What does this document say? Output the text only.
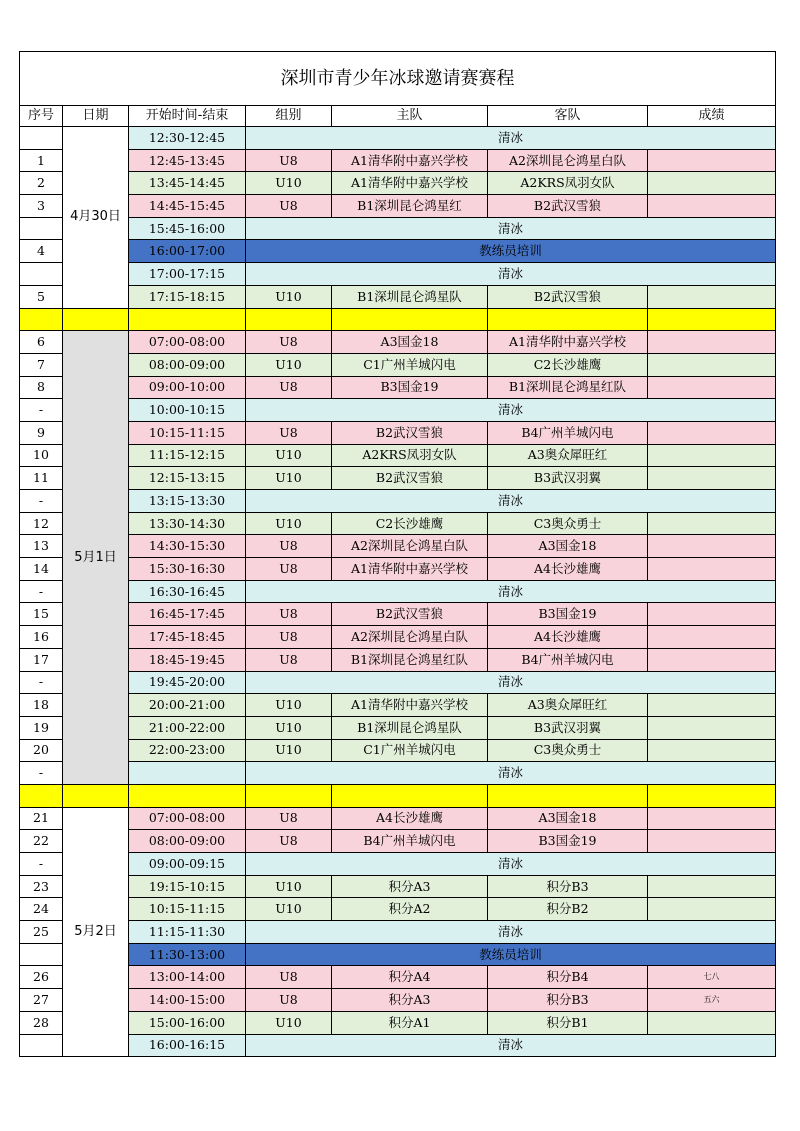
深圳市青少年冰球邀请赛赛程						
序号	日期	开始时间-结束	组别	主队	客队	成绩
	4月30日	12:30-12:45	清冰			
1		12:45-13:45	U8	A1清华附中嘉兴学校	A2深圳昆仑鸿星白队	
2		13:45-14:45	U10	A1清华附中嘉兴学校	A2KRS凤羽女队	
3		14:45-15:45	U8	B1深圳昆仑鸿星红	B2武汉雪狼	
		15:45-16:00	清冰			
4		16:00-17:00	教练员培训			
		17:00-17:15	清冰			
5		17:15-18:15	U10	B1深圳昆仑鸿星队	B2武汉雪狼	

6	5月1日	07:00-08:00	U8	A3国金18	A1清华附中嘉兴学校	
7		08:00-09:00	U10	C1广州羊城闪电	C2长沙雄鹰	
8		09:00-10:00	U8	B3国金19	B1深圳昆仑鸿星红队	
-		10:00-10:15	清冰			
9		10:15-11:15	U8	B2武汉雪狼	B4广州羊城闪电	
10		11:15-12:15	U10	A2KRS凤羽女队	A3奥众犀旺红	
11		12:15-13:15	U10	B2武汉雪狼	B3武汉羽翼	
-		13:15-13:30	清冰			
12		13:30-14:30	U10	C2长沙雄鹰	C3奥众勇士	
13		14:30-15:30	U8	A2深圳昆仑鸿星白队	A3国金18	
14		15:30-16:30	U8	A1清华附中嘉兴学校	A4长沙雄鹰	
-		16:30-16:45	清冰			
15		16:45-17:45	U8	B2武汉雪狼	B3国金19	
16		17:45-18:45	U8	A2深圳昆仑鸿星白队	A4长沙雄鹰	
17		18:45-19:45	U8	B1深圳昆仑鸿星红队	B4广州羊城闪电	
-		19:45-20:00	清冰			
18		20:00-21:00	U10	A1清华附中嘉兴学校	A3奥众犀旺红	
19		21:00-22:00	U10	B1深圳昆仑鸿星队	B3武汉羽翼	
20		22:00-23:00	U10	C1广州羊城闪电	C3奥众勇士	
-			清冰			

21	5月2日	07:00-08:00	U8	A4长沙雄鹰	A3国金18	
22		08:00-09:00	U8	B4广州羊城闪电	B3国金19	
-		09:00-09:15	清冰			
23		19:15-10:15	U10	积分A3	积分B3	
24		10:15-11:15	U10	积分A2	积分B2	
25		11:15-11:30	清冰			
		11:30-13:00	教练员培训			
26		13:00-14:00	U8	积分A4	积分B4	七八
27		14:00-15:00	U8	积分A3	积分B3	五六
28		15:00-16:00	U10	积分A1	积分B1	
		16:00-16:15	清冰			
